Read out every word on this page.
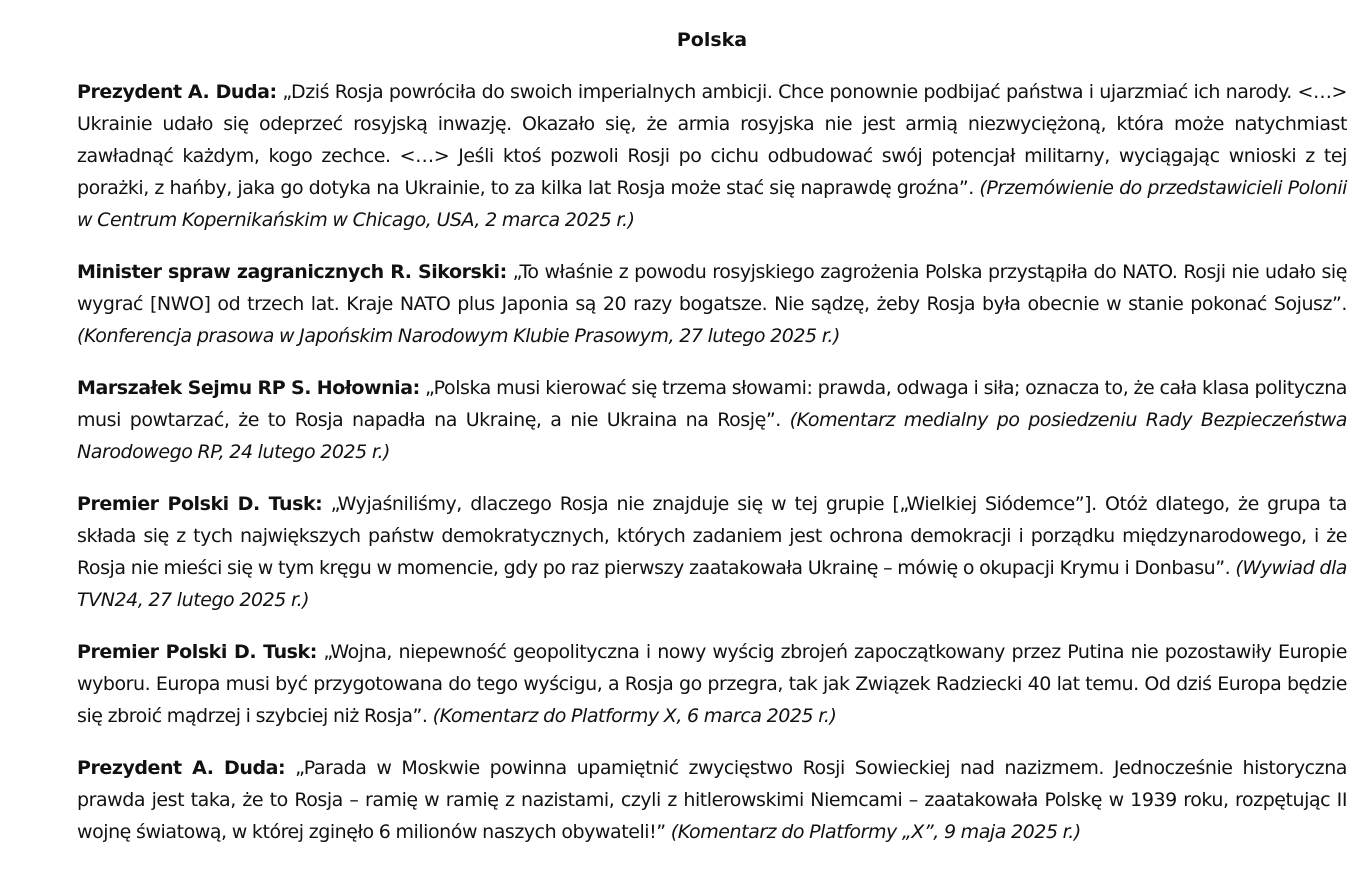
Polska

Prezydent A. Duda: „Dziś Rosja powróciła do swoich imperialnych ambicji. Chce ponownie podbijać państwa i ujarzmiać ich narody. <…> Ukrainie udało się odeprzeć rosyjską inwazję. Okazało się, że armia rosyjska nie jest armią niezwyciężoną, która może natychmiast zawładnąć każdym, kogo zechce. <…> Jeśli ktoś pozwoli Rosji po cichu odbudować swój potencjał militarny, wyciągając wnioski z tej porażki, z hańby, jaka go dotyka na Ukrainie, to za kilka lat Rosja może stać się naprawdę groźna”. (Przemówienie do przedstawicieli Polonii w Centrum Kopernikańskim w Chicago, USA, 2 marca 2025 r.)

Minister spraw zagranicznych R. Sikorski: „To właśnie z powodu rosyjskiego zagrożenia Polska przystąpiła do NATO. Rosji nie udało się wygrać [NWO] od trzech lat. Kraje NATO plus Japonia są 20 razy bogatsze. Nie sądzę, żeby Rosja była obecnie w stanie pokonać Sojusz”. (Konferencja prasowa w Japońskim Narodowym Klubie Prasowym, 27 lutego 2025 r.)

Marszałek Sejmu RP S. Hołownia: „Polska musi kierować się trzema słowami: prawda, odwaga i siła; oznacza to, że cała klasa polityczna musi powtarzać, że to Rosja napadła na Ukrainę, a nie Ukraina na Rosję”. (Komentarz medialny po posiedzeniu Rady Bezpieczeństwa Narodowego RP, 24 lutego 2025 r.)

Premier Polski D. Tusk: „Wyjaśniliśmy, dlaczego Rosja nie znajduje się w tej grupie [„Wielkiej Siódemce”]. Otóż dlatego, że grupa ta składa się z tych największych państw demokratycznych, których zadaniem jest ochrona demokracji i porządku międzynarodowego, i że Rosja nie mieści się w tym kręgu w momencie, gdy po raz pierwszy zaatakowała Ukrainę – mówię o okupacji Krymu i Donbasu”. (Wywiad dla TVN24, 27 lutego 2025 r.)

Premier Polski D. Tusk: „Wojna, niepewność geopolityczna i nowy wyścig zbrojeń zapoczątkowany przez Putina nie pozostawiły Europie wyboru. Europa musi być przygotowana do tego wyścigu, a Rosja go przegra, tak jak Związek Radziecki 40 lat temu. Od dziś Europa będzie się zbroić mądrzej i szybciej niż Rosja”. (Komentarz do Platformy X, 6 marca 2025 r.)

Prezydent A. Duda: „Parada w Moskwie powinna upamiętnić zwycięstwo Rosji Sowieckiej nad nazizmem. Jednocześnie historyczna prawda jest taka, że to Rosja – ramię w ramię z nazistami, czyli z hitlerowskimi Niemcami – zaatakowała Polskę w 1939 roku, rozpętując II wojnę światową, w której zginęło 6 milionów naszych obywateli!” (Komentarz do Platformy „X”, 9 maja 2025 r.)
